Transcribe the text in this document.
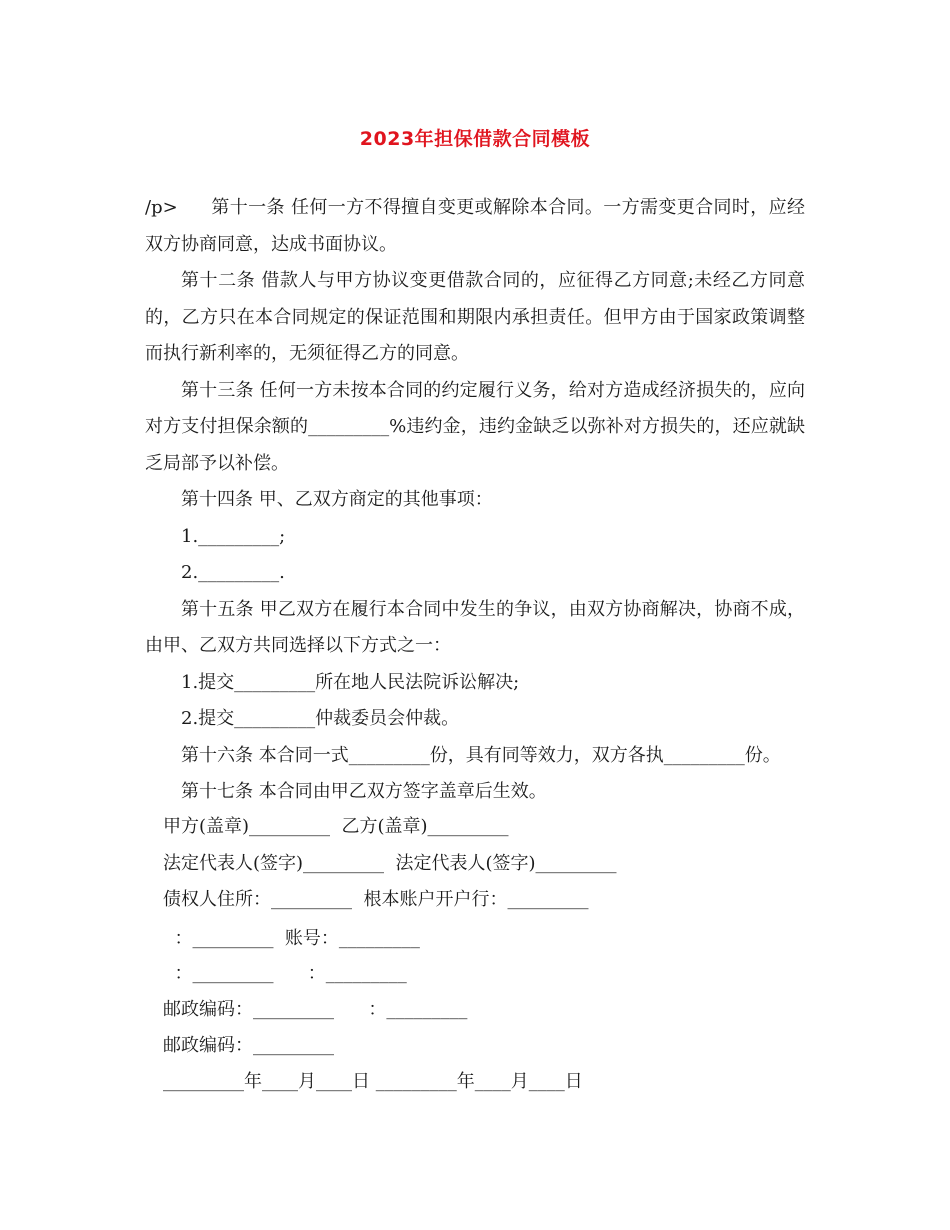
2023年担保借款合同模板

/p> 第十一条 任何一方不得擅自变更或解除本合同。一方需变更合同时，应经双方协商同意，达成书面协议。

第十二条 借款人与甲方协议变更借款合同的，应征得乙方同意;未经乙方同意的，乙方只在本合同规定的保证范围和期限内承担责任。但甲方由于国家政策调整而执行新利率的，无须征得乙方的同意。

第十三条 任何一方未按本合同的约定履行义务，给对方造成经济损失的，应向对方支付担保余额的_________%违约金，违约金缺乏以弥补对方损失的，还应就缺乏局部予以补偿。

第十四条 甲、乙双方商定的其他事项：

1._________;

2._________.

第十五条 甲乙双方在履行本合同中发生的争议，由双方协商解决，协商不成，由甲、乙双方共同选择以下方式之一：

1.提交_________所在地人民法院诉讼解决;

2.提交_________仲裁委员会仲裁。

第十六条 本合同一式_________份，具有同等效力，双方各执_________份。

第十七条 本合同由甲乙双方签字盖章后生效。

甲方(盖章)_________  乙方(盖章)_________
法定代表人(签字)_________  法定代表人(签字)_________
债权人住所：_________  根本账户开户行：_________
：_________  账号：_________
：_________      ：_________
邮政编码：_________      ：_________
邮政编码：_________
_________年____月____日 _________年____月____日
